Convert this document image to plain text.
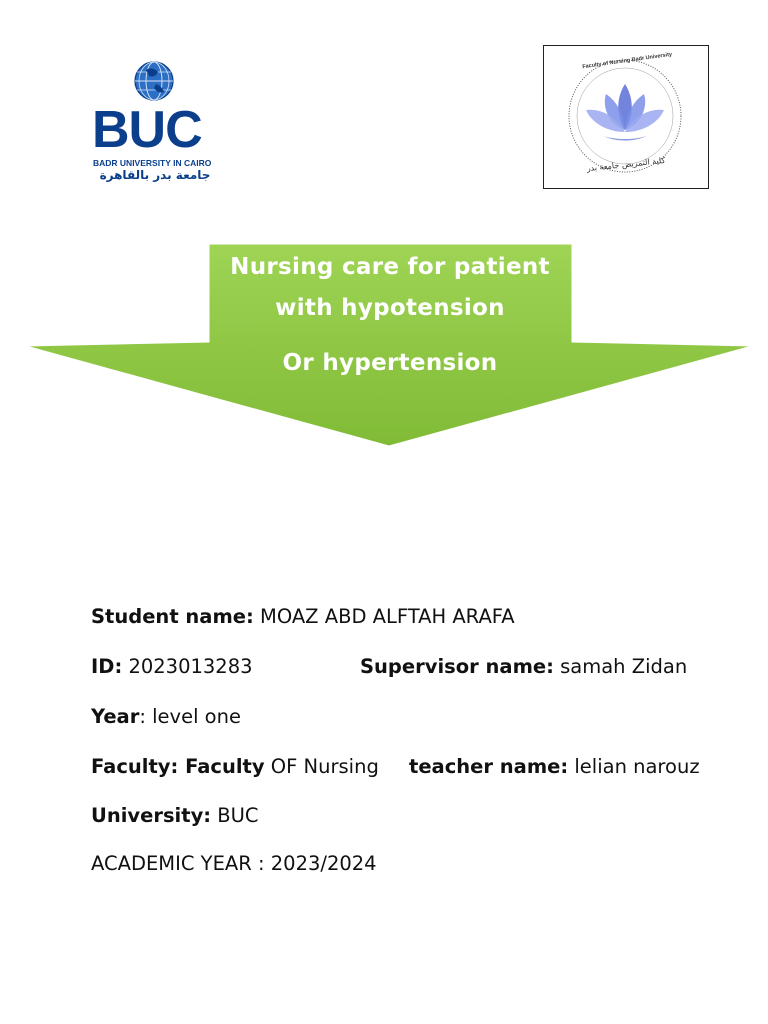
BUC
BADR UNIVERSITY IN CAIRO
جامعة بدر بالقاهرة
Faculty of Nursing Badr University
كلية التمريض جامعة بدر
Nursing care for patient
with hypotension
Or hypertension
Student name: MOAZ ABD ALFTAH ARAFA
ID: 2023013283	Supervisor name: samah Zidan
Year: level one
Faculty: Faculty OF Nursing teacher name: lelian narouz
University: BUC
ACADEMIC YEAR : 2023/2024
